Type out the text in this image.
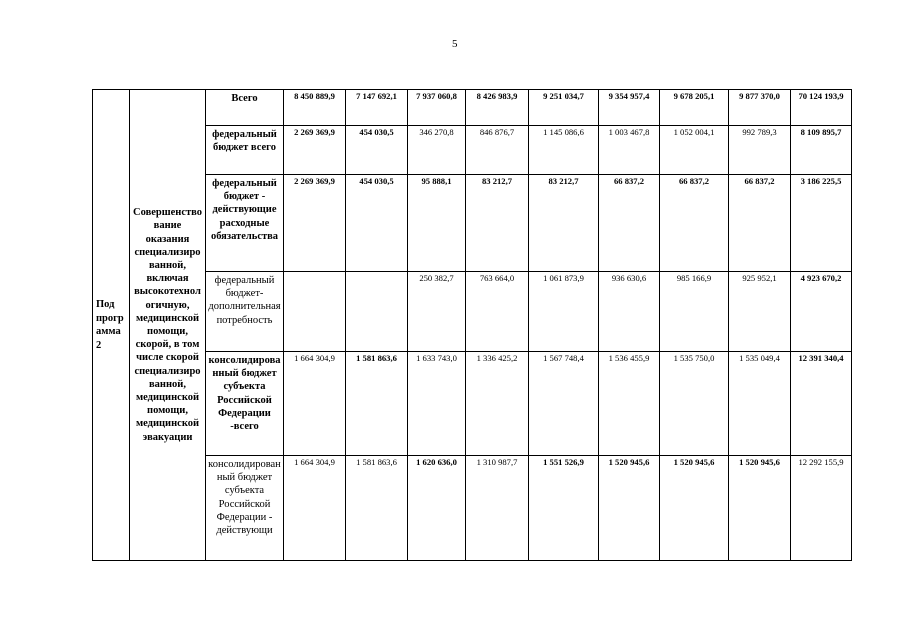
5
Под программа 2	Совершенствование оказания специализированной, включая высокотехнологичную, медицинской помощи, скорой, в том числе скорой специализированной, медицинской помощи, медицинской эвакуации	Всего	8 450 889,9	7 147 692,1	7 937 060,8	8 426 983,9	9 251 034,7	9 354 957,4	9 678 205,1	9 877 370,0	70 124 193,9
		федеральный бюджет всего	2 269 369,9	454 030,5	346 270,8	846 876,7	1 145 086,6	1 003 467,8	1 052 004,1	992 789,3	8 109 895,7
		федеральный бюджет - действующие расходные обязательства	2 269 369,9	454 030,5	95 888,1	83 212,7	83 212,7	66 837,2	66 837,2	66 837,2	3 186 225,5
		федеральный бюджет-дополнительная потребность			250 382,7	763 664,0	1 061 873,9	936 630,6	985 166,9	925 952,1	4 923 670,2
		консолидированный бюджет субъекта Российской Федерации -всего	1 664 304,9	1 581 863,6	1 633 743,0	1 336 425,2	1 567 748,4	1 536 455,9	1 535 750,0	1 535 049,4	12 391 340,4
		консолидированный бюджет субъекта Российской Федерации - действующи	1 664 304,9	1 581 863,6	1 620 636,0	1 310 987,7	1 551 526,9	1 520 945,6	1 520 945,6	1 520 945,6	12 292 155,9
